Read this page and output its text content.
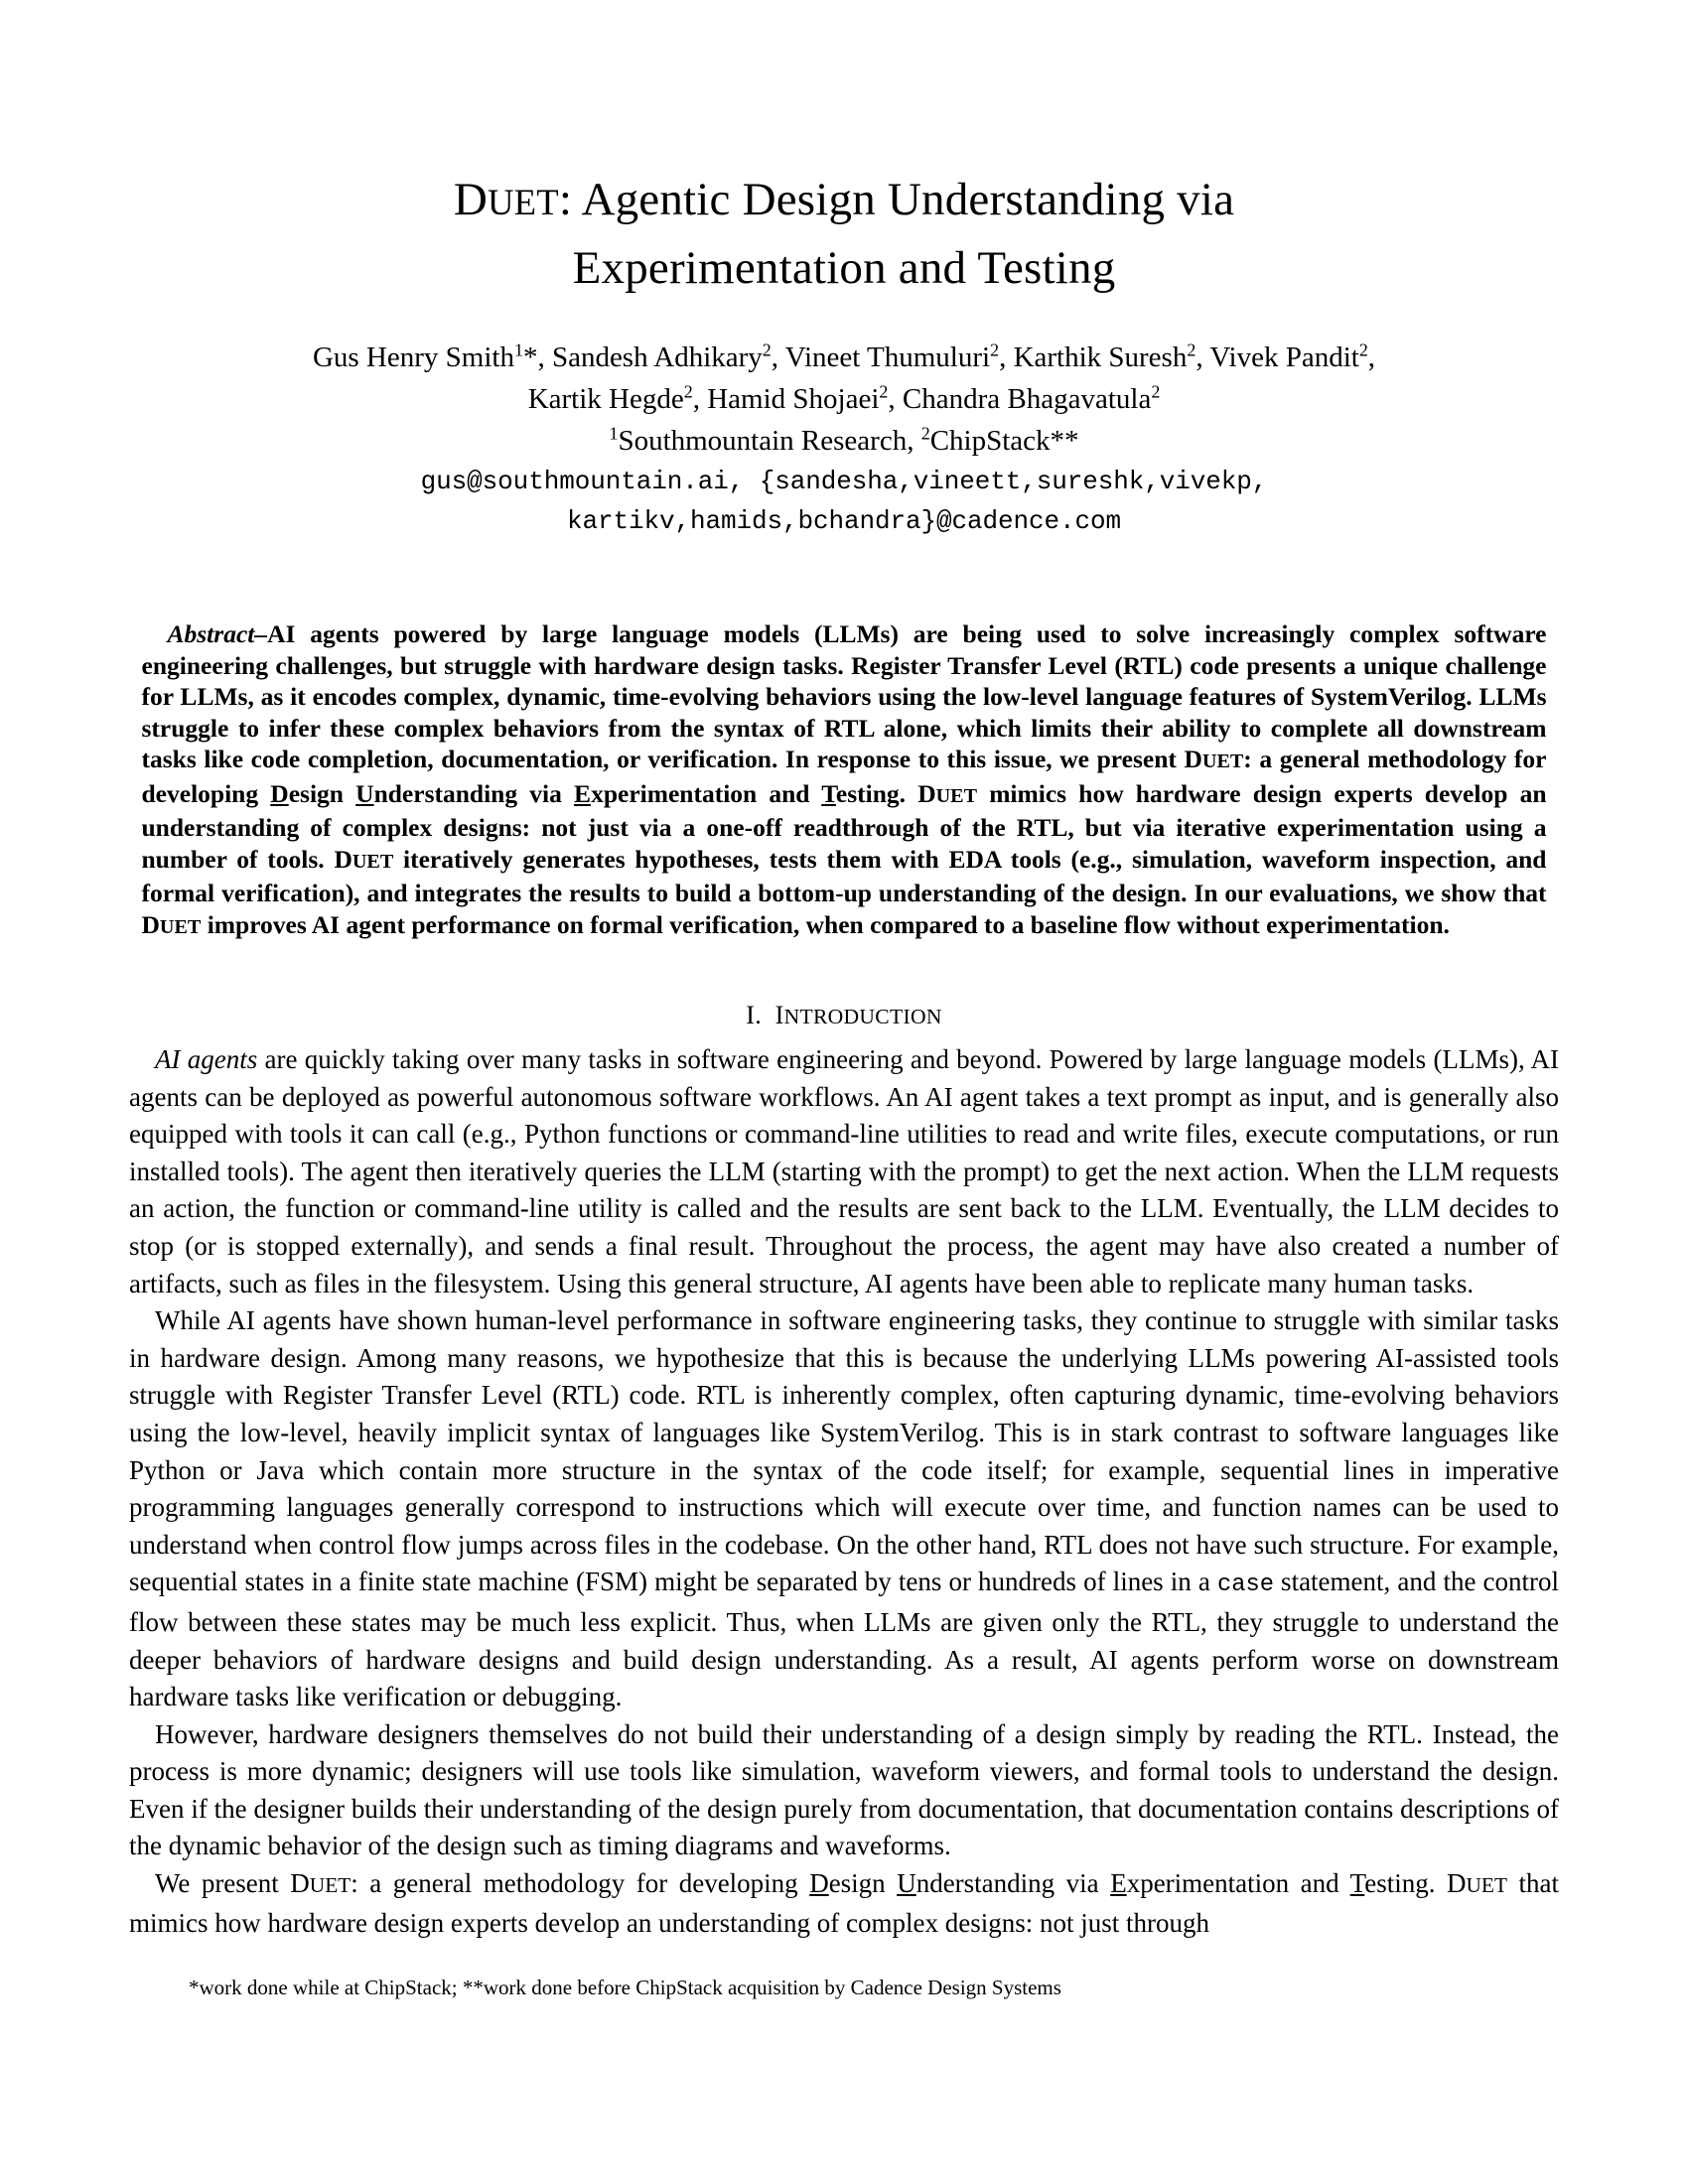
DUET: Agentic Design Understanding via
Experimentation and Testing
Gus Henry Smith$^1$*, Sandesh Adhikary$^2$, Vineet Thumuluri$^2$, Karthik Suresh$^2$, Vivek Pandit$^2$,
Kartik Hegde$^2$, Hamid Shojaei$^2$, Chandra Bhagavatula$^2$
$^1$Southmountain Research, $^2$ChipStack**
gus@southmountain.ai, {sandesha,vineett,sureshk,vivekp,
kartikv,hamids,bchandra}@cadence.com
Abstract–AI agents powered by large language models (LLMs) are being used to solve increasingly complex software engineering challenges, but struggle with hardware design tasks. Register Transfer Level (RTL) code presents a unique challenge for LLMs, as it encodes complex, dynamic, time-evolving behaviors using the low-level language features of SystemVerilog. LLMs struggle to infer these complex behaviors from the syntax of RTL alone, which limits their ability to complete all downstream tasks like code completion, documentation, or verification. In response to this issue, we present DUET: a general methodology for developing Design Understanding via Experimentation and Testing. DUET mimics how hardware design experts develop an understanding of complex designs: not just via a one-off readthrough of the RTL, but via iterative experimentation using a number of tools. DUET iteratively generates hypotheses, tests them with EDA tools (e.g., simulation, waveform inspection, and formal verification), and integrates the results to build a bottom-up understanding of the design. In our evaluations, we show that DUET improves AI agent performance on formal verification, when compared to a baseline flow without experimentation.
I. INTRODUCTION

AI agents are quickly taking over many tasks in software engineering and beyond. Powered by large language models (LLMs), AI agents can be deployed as powerful autonomous software workflows. An AI agent takes a text prompt as input, and is generally also equipped with tools it can call (e.g., Python functions or command-line utilities to read and write files, execute computations, or run installed tools). The agent then iteratively queries the LLM (starting with the prompt) to get the next action. When the LLM requests an action, the function or command-line utility is called and the results are sent back to the LLM. Eventually, the LLM decides to stop (or is stopped externally), and sends a final result. Throughout the process, the agent may have also created a number of artifacts, such as files in the filesystem. Using this general structure, AI agents have been able to replicate many human tasks.

While AI agents have shown human-level performance in software engineering tasks, they continue to struggle with similar tasks in hardware design. Among many reasons, we hypothesize that this is because the underlying LLMs powering AI-assisted tools struggle with Register Transfer Level (RTL) code. RTL is inherently complex, often capturing dynamic, time-evolving behaviors using the low-level, heavily implicit syntax of languages like SystemVerilog. This is in stark contrast to software languages like Python or Java which contain more structure in the syntax of the code itself; for example, sequential lines in imperative programming languages generally correspond to instructions which will execute over time, and function names can be used to understand when control flow jumps across files in the codebase. On the other hand, RTL does not have such structure. For example, sequential states in a finite state machine (FSM) might be separated by tens or hundreds of lines in a case statement, and the control flow between these states may be much less explicit. Thus, when LLMs are given only the RTL, they struggle to understand the deeper behaviors of hardware designs and build design understanding. As a result, AI agents perform worse on downstream hardware tasks like verification or debugging.

However, hardware designers themselves do not build their understanding of a design simply by reading the RTL. Instead, the process is more dynamic; designers will use tools like simulation, waveform viewers, and formal tools to understand the design. Even if the designer builds their understanding of the design purely from documentation, that documentation contains descriptions of the dynamic behavior of the design such as timing diagrams and waveforms.

We present DUET: a general methodology for developing Design Understanding via Experimentation and Testing. DUET that mimics how hardware design experts develop an understanding of complex designs: not just through

*work done while at ChipStack; **work done before ChipStack acquisition by Cadence Design Systems
